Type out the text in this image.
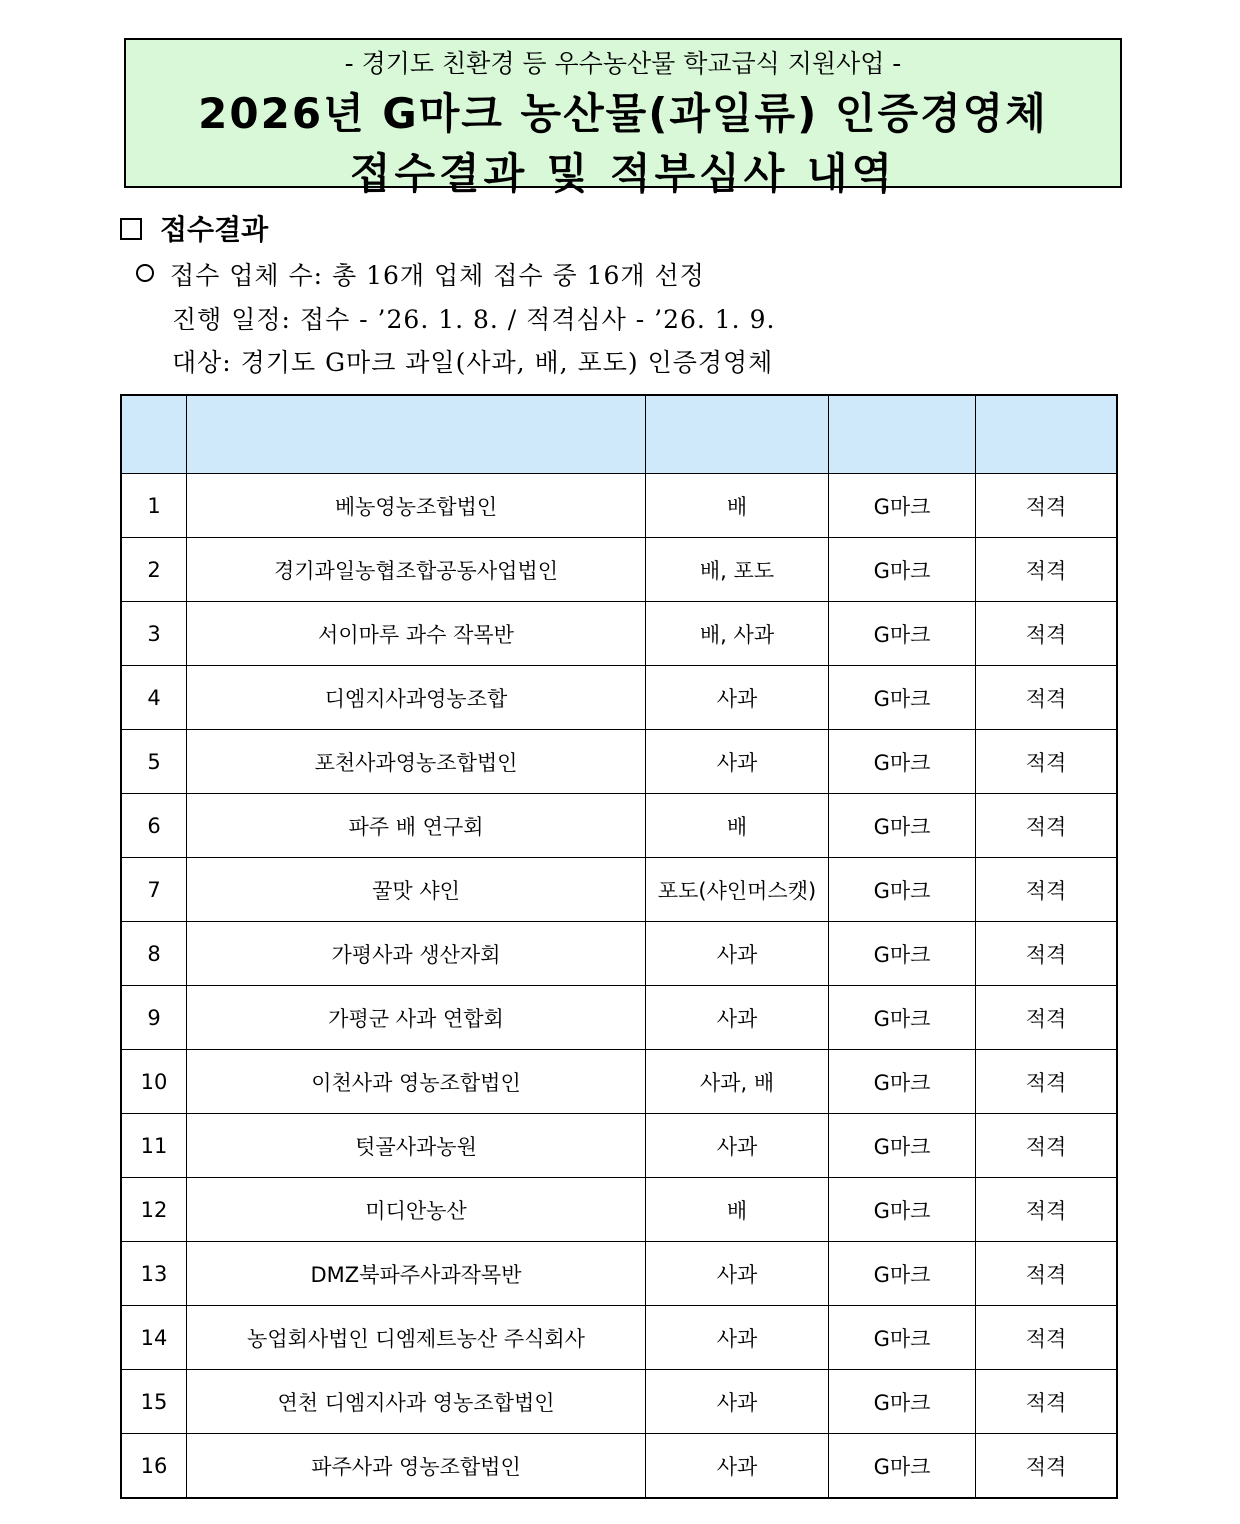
- 경기도 친환경 등 우수농산물 학교급식 지원사업 -
2026년 G마크 농산물(과일류) 인증경영체
접수결과 및 적부심사 내역
접수결과
접수 업체 수: 총 16개 업체 접수 중 16개 선정
진행 일정: 접수 - ’26. 1. 8. / 적격심사 - ’26. 1. 9.
대상: 경기도 G마크 과일(사과, 배, 포도) 인증경영체

1	베농영농조합법인	배	G마크	적격
2	경기과일농협조합공동사업법인	배, 포도	G마크	적격
3	서이마루 과수 작목반	배, 사과	G마크	적격
4	디엠지사과영농조합	사과	G마크	적격
5	포천사과영농조합법인	사과	G마크	적격
6	파주 배 연구회	배	G마크	적격
7	꿀맛 샤인	포도(샤인머스캣)	G마크	적격
8	가평사과 생산자회	사과	G마크	적격
9	가평군 사과 연합회	사과	G마크	적격
10	이천사과 영농조합법인	사과, 배	G마크	적격
11	텃골사과농원	사과	G마크	적격
12	미디안농산	배	G마크	적격
13	DMZ북파주사과작목반	사과	G마크	적격
14	농업회사법인 디엠제트농산 주식회사	사과	G마크	적격
15	연천 디엠지사과 영농조합법인	사과	G마크	적격
16	파주사과 영농조합법인	사과	G마크	적격
